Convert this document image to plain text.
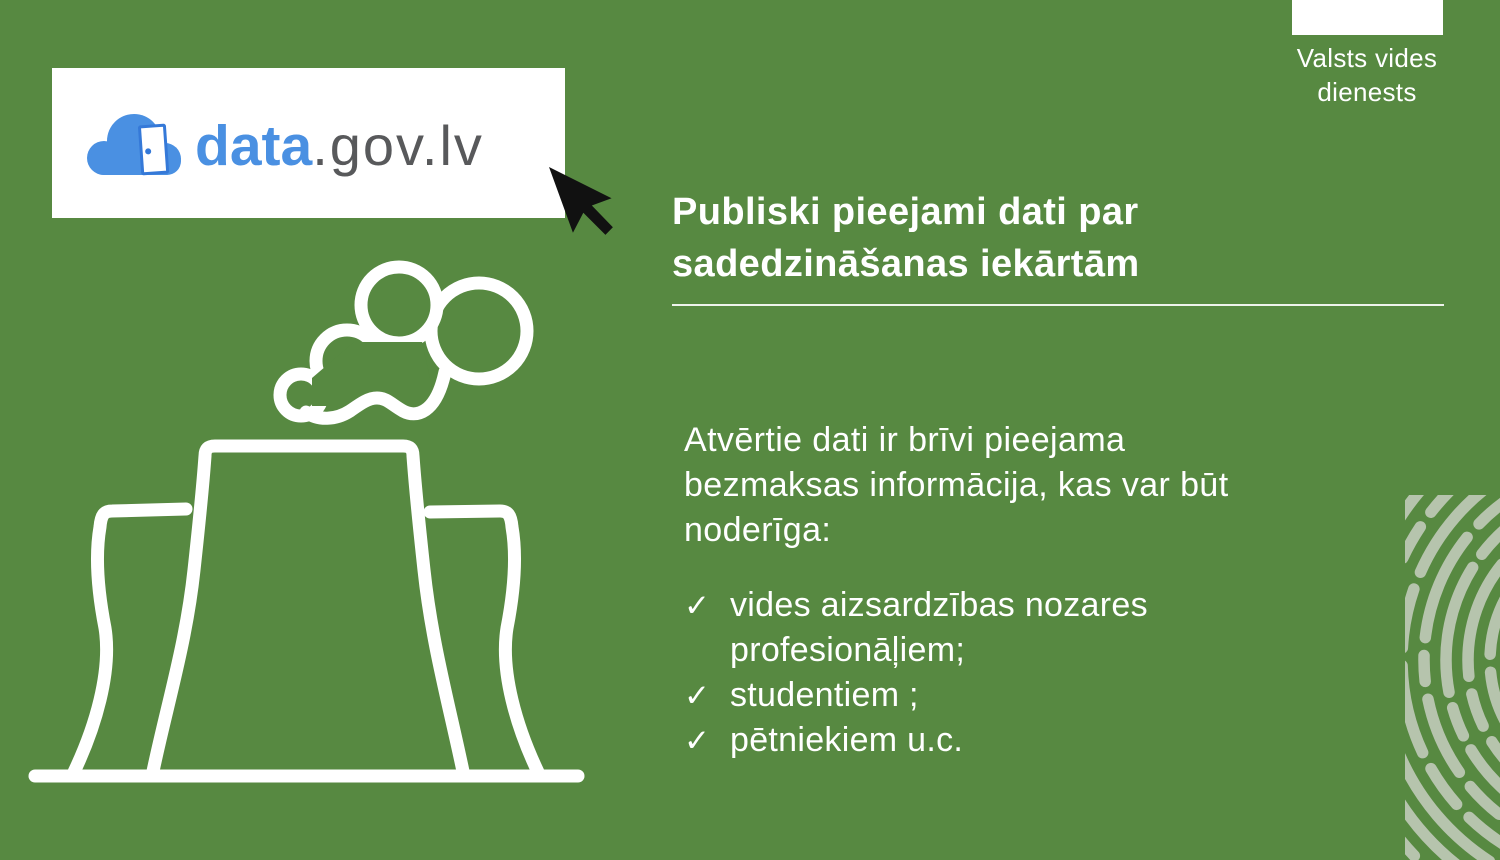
data .gov.lv
Valsts vides
dienests
Publiski pieejami dati par
sadedzināšanas iekārtām
Atvērtie dati ir brīvi pieejama
bezmaksas informācija, kas var būt
noderīga:
✓ vides aizsardzības nozares profesionāļiem;
✓ studentiem ;
✓ pētniekiem u.c.
